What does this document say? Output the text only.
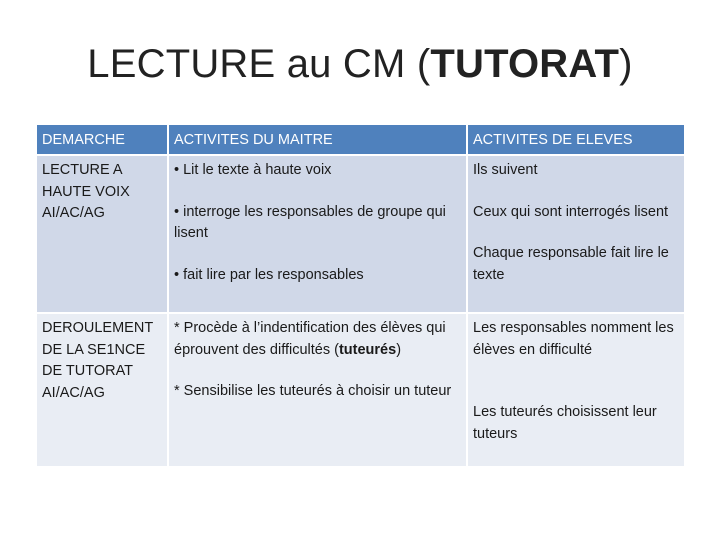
LECTURE au CM (TUTORAT)
DEMARCHE	ACTIVITES DU MAITRE	ACTIVITES DE ELEVES

LECTURE A
HAUTE VOIX
AI/AC/AG	• Lit le texte à haute voix
• interroge les responsables de groupe qui lisent
• fait lire par les responsables	Ils suivent
Ceux qui sont interrogés lisent
Chaque responsable fait lire le texte

DEROULEMENT
DE LA SE1NCE
DE TUTORAT
AI/AC/AG	* Procède à l’indentification des élèves qui éprouvent des difficultés (tuteurés)
* Sensibilise les tuteurés à choisir un tuteur	Les responsables nomment les élèves en difficulté
Les tuteurés choisissent leur tuteurs
